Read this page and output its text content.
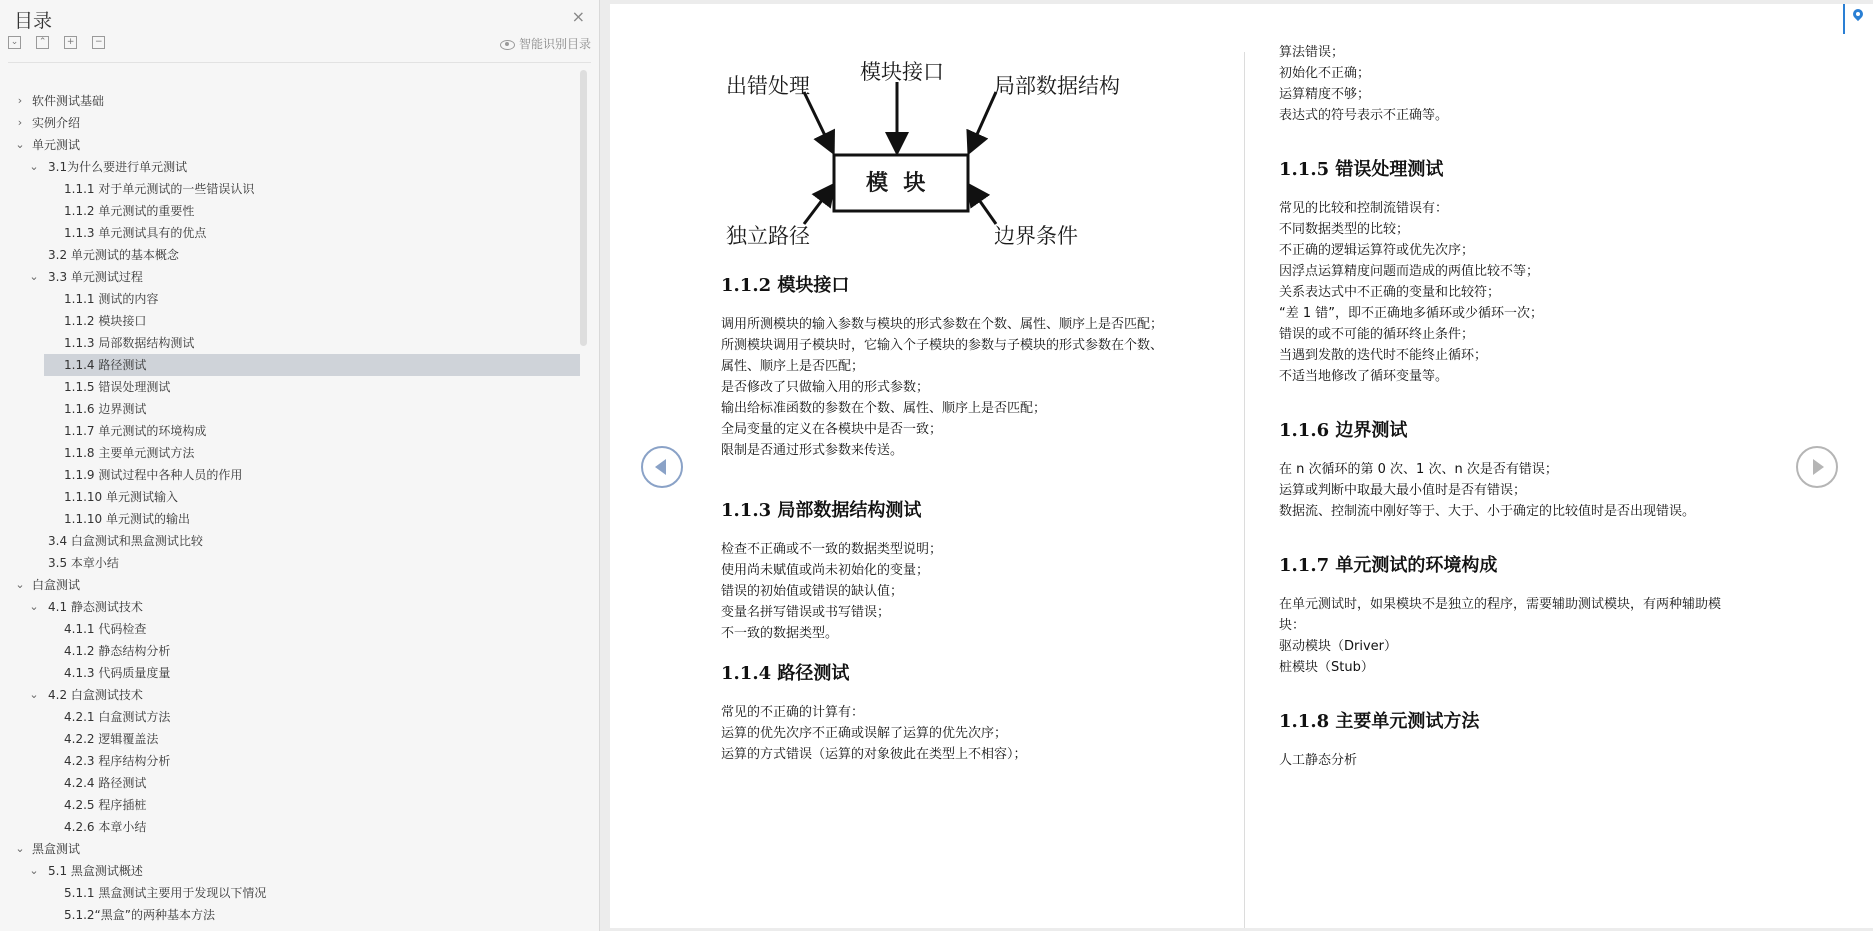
目录	×
⌄ ⌃ + −	智能识别目录
› 软件测试基础
› 实例介绍
⌄ 单元测试
⌄ 3.1为什么要进行单元测试
1.1.1 对于单元测试的一些错误认识
1.1.2 单元测试的重要性
1.1.3 单元测试具有的优点
3.2 单元测试的基本概念
⌄ 3.3 单元测试过程
1.1.1 测试的内容
1.1.2 模块接口
1.1.3 局部数据结构测试
1.1.4 路径测试
1.1.5 错误处理测试
1.1.6 边界测试
1.1.7 单元测试的环境构成
1.1.8 主要单元测试方法
1.1.9 测试过程中各种人员的作用
1.1.10 单元测试输入
1.1.10 单元测试的输出
3.4 白盒测试和黑盒测试比较
3.5 本章小结
⌄ 白盒测试
⌄ 4.1 静态测试技术
4.1.1 代码检查
4.1.2 静态结构分析
4.1.3 代码质量度量
⌄ 4.2 白盒测试技术
4.2.1 白盒测试方法
4.2.2 逻辑覆盖法
4.2.3 程序结构分析
4.2.4 路径测试
4.2.5 程序插桩
4.2.6 本章小结
⌄ 黑盒测试
⌄ 5.1 黑盒测试概述
5.1.1 黑盒测试主要用于发现以下情况
5.1.2“黑盒”的两种基本方法
模块接口
出错处理	局部数据结构
独立路径	边界条件
模  块
1.1.2 模块接口
调用所测模块的输入参数与模块的形式参数在个数、属性、顺序上是否匹配；
所测模块调用子模块时，它输入个子模块的参数与子模块的形式参数在个数、
属性、顺序上是否匹配；
是否修改了只做输入用的形式参数；
输出给标准函数的参数在个数、属性、顺序上是否匹配；
全局变量的定义在各模块中是否一致；
限制是否通过形式参数来传送。
1.1.3 局部数据结构测试
检查不正确或不一致的数据类型说明；
使用尚未赋值或尚未初始化的变量；
错误的初始值或错误的缺认值；
变量名拼写错误或书写错误；
不一致的数据类型。
1.1.4 路径测试
常见的不正确的计算有：
运算的优先次序不正确或误解了运算的优先次序；
运算的方式错误（运算的对象彼此在类型上不相容）；
算法错误；
初始化不正确；
运算精度不够；
表达式的符号表示不正确等。
1.1.5 错误处理测试
常见的比较和控制流错误有：
不同数据类型的比较；
不正确的逻辑运算符或优先次序；
因浮点运算精度问题而造成的两值比较不等；
关系表达式中不正确的变量和比较符；
“差 1 错”，即不正确地多循环或少循环一次；
错误的或不可能的循环终止条件；
当遇到发散的迭代时不能终止循环；
不适当地修改了循环变量等。
1.1.6 边界测试
在 n 次循环的第 0 次、1 次、n 次是否有错误；
运算或判断中取最大最小值时是否有错误；
数据流、控制流中刚好等于、大于、小于确定的比较值时是否出现错误。
1.1.7 单元测试的环境构成
在单元测试时，如果模块不是独立的程序，需要辅助测试模块，有两种辅助模
块：
驱动模块（Driver）
桩模块（Stub）
1.1.8 主要单元测试方法
人工静态分析
